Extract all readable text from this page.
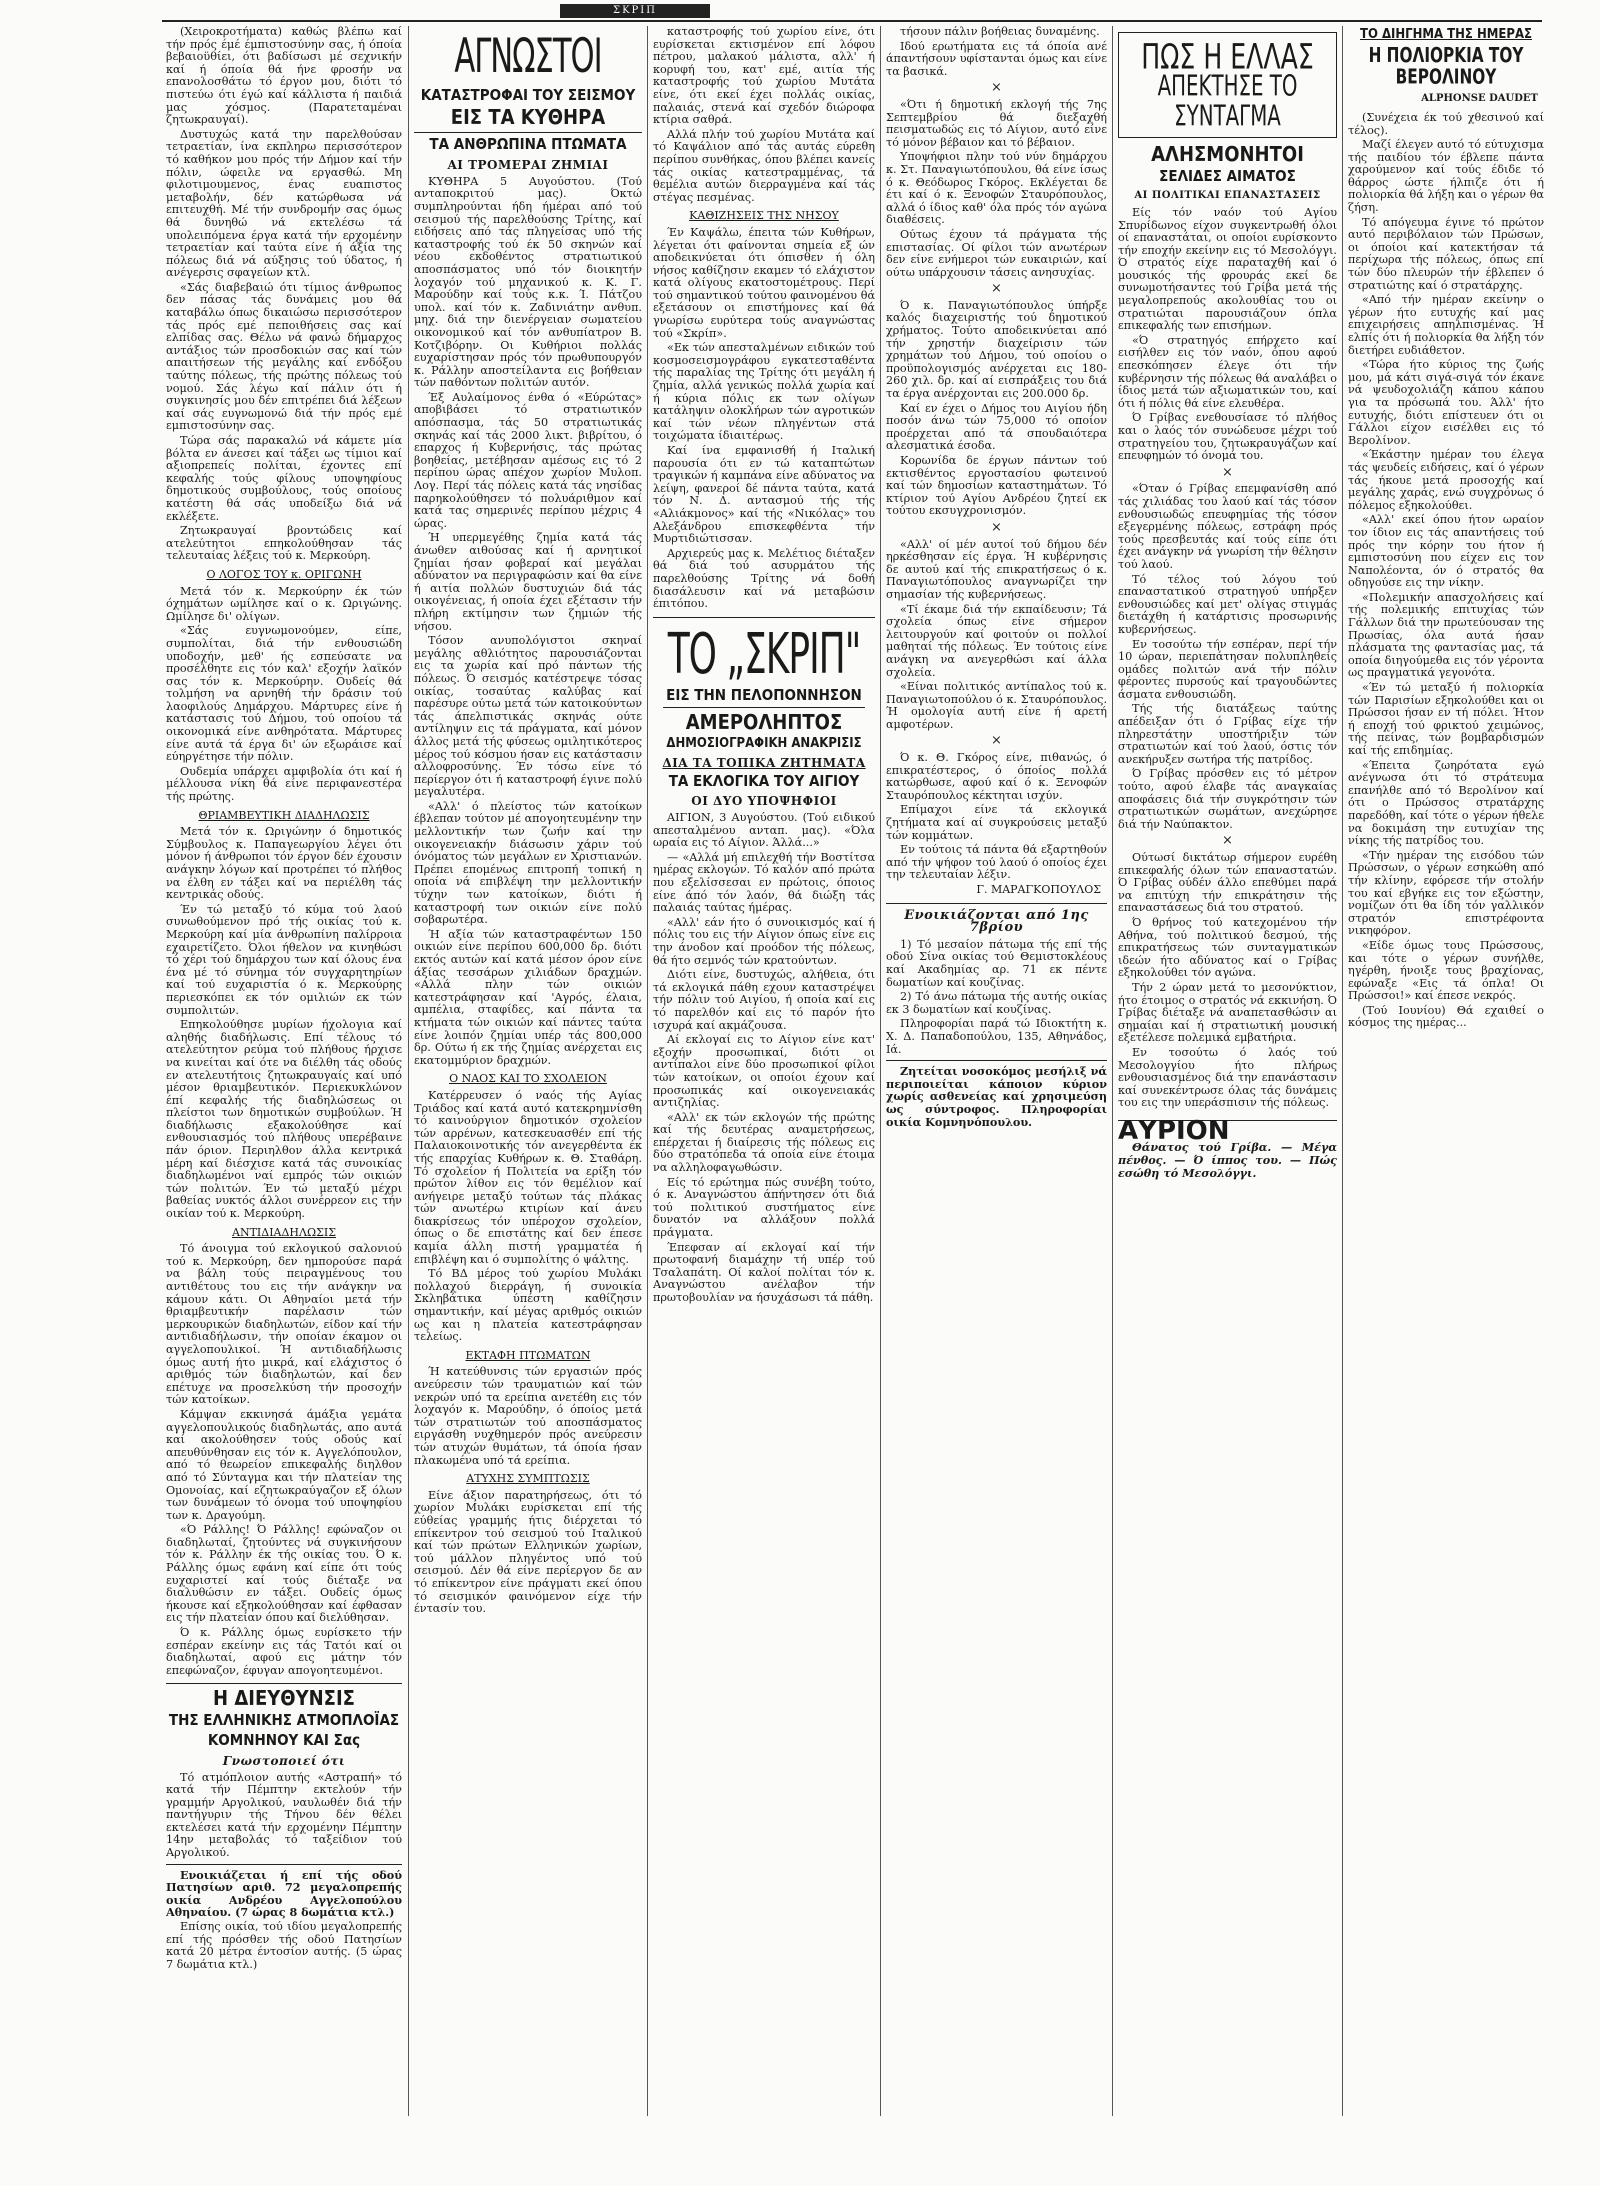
ΣΚΡΙΠ

(Χειροκροτήματα) καθώς βλέπω καί τήν πρός έμέ έμπιστοσύνην σας, ή όποία βεβαιοϋθίει, ότι βαδίσωσι μέ σεχνικήν καί ή όποία θά ήνε φροσήν να επανολοσθάτω τό έργον μου, διότι τό πιστεύω ότι έγώ καί κάλλιστα ή παιδιά μας χόσμος. (Παρατεταμέναι ζητωκραυγαί).

Δυστυχώς κατά την παρελθούσαν τετραετίαν, ίνα εκπληρω περισσότερον τό καθήκον μου πρός τήν Δήμον καί τήν πόλιν, ώφειλε να εργασθώ. Μη φιλοτιμουμενος, ένας ευαπιστος μεταβολήν, δέν κατώρθωσα νά επιτευχθή. Μέ τήν συνδρομήν σας όμως θά δυνηθώ νά εκτελέσω τά υπολειπόμενα έργα κατά τήν ερχομένην τετραετίαν καί ταύτα είνε ή άξία της πόλεως διά νά αύξησις τού ύδατος, ή ανέγερσις σφαγείων κτλ.

«Σάς διαβεβαιώ ότι τίμιος άνθρωπος δεν πάσας τάς δυνάμεις μου θά καταβάλω όπως δικαιώσω περισσότερον τάς πρός εμέ πεποιθήσεις σας καί ελπίδας σας. Θέλω νά φανώ δήμαρχος αντάξιος τών προσδοκιών σας καί τών απαιτήσεων τής μεγάλης καί ενδόξου ταύτης πόλεως, τής πρώτης πόλεως τού νομού. Σάς λέγω καί πάλιν ότι ή συγκινησίς μου δέν επιτρέπει διά λέξεων καί σάς ευγνωμονώ διά τήν πρός εμέ εμπιστοσύνην σας.

Τώρα σάς παρακαλώ νά κάμετε μία βόλτα εν άνεσει καί τάξει ως τίμιοι καί αξιοπρεπείς πολίται, έχοντες επί κεφαλής τούς φίλους υποψηφίους δημοτικούς συμβούλους, τούς οποίους κατέστη θά σάς υποδείξω διά νά εκλέξετε.

Ζητωκραυγαί βροντώδεις καί ατελεύτητοι επηκολούθησαν τάς τελευταίας λέξεις τού κ. Μερκούρη.

Ο ΛΟΓΟΣ ΤΟΥ κ. ΟΡΙΓΩΝΗ

Μετά τόν κ. Μερκούρην έκ τών όχημάτων ωμίλησε καί ο κ. Ωριγώνης. Ωμίλησε δι' ολίγων.

«Σάς ευγνωμονούμεν, είπε, συμπολίται, διά τήν ενθουσιώδη υποδοχήν, μεθ' ής εσπεύσατε να προσέλθητε εις τόν καλ' εξοχήν λαϊκόν σας τόν κ. Μερκούρην. Ουδείς θά τολμήση να αρνηθή τήν δράσιν τού λαοφιλούς Δημάρχου. Μάρτυρες είνε ή κατάστασις τού Δήμου, τού οποίου τά οικονομικά είνε ανθηρότατα. Μάρτυρες είνε αυτά τά έργα δι' ών εξωράισε καί εύηργέτησε τήν πόλιν.

Ουδεμία υπάρχει αμφιβολία ότι καί ή μέλλουσα νίκη θά είνε περιφανεστέρα τής πρώτης.

ΘΡΙΑΜΒΕΥΤΙΚΗ ΔΙΑΔΗΛΩΣΙΣ

Μετά τόν κ. Ωριγώνην ό δημοτικός Σύμβουλος κ. Παπαγεωργίου λέγει ότι μόνον ή άνθρωποι τόν έργον δέν έχουσιν ανάγκην λόγων καί προτρέπει τό πλήθος να έλθη εν τάξει καί να περιέλθη τάς κεντρικάς οδούς.

Έν τώ μεταξύ τό κύμα τού λαού συνωθούμενον πρό τής οικίας τού κ. Μερκούρη καί μία άνθρωπίνη παλίρροια εχαιρετίζετο. Όλοι ήθελον να κινηθώσι τό χέρι τού δημάρχου των καί όλους ένα ένα μέ τό σύνημα τόν συγχαρητηρίων καί τού ευχαριστία ό κ. Μερκούρης περιεσκόπει εκ τόν ομιλιών εκ τών συμπολιτών.

Επηκολούθησε μυρίων ήχολογια καί αληθής διαδήλωσις. Επί τέλους τό ατελεύτητον ρεύμα τού πλήθους ήρχισε να κινείται καί ότε να διέλθη τάς οδούς εν ατελευτήτοις ζητωκραυγαίς καί υπό μέσον θριαμβευτικόν. Περιεκυκλώνον έπί κεφαλής τής διαδηλώσεως οι πλείστοι των δημοτικών συμβούλων. Ή διαδήλωσις εξακολούθησε καί ενθουσιασμός τού πλήθους υπερέβαινε πάν όριον. Περιηλθον άλλα κεντρικά μέρη καί διέσχισε κατά τάς συνοικίας διαδηλωμένοι ναί εμπρός τών οικιών τών πολιτών. Έν τώ μεταξύ μέχρι βαθείας νυκτός άλλοι συνέρρεον εις τήν οικίαν τού κ. Μερκούρη.

ΑΝΤΙΔΙΑΔΗΛΩΣΙΣ

Τό άνοιγμα τού εκλογικού σαλονιού τού κ. Μερκούρη, δεν ημπορούσε παρά να βάλη τούς πειραγμένους του αντιθέτους του εις τήν ανάγκην να κάμουν κάτι. Οι Αθηναίοι μετά τήν θριαμβευτικήν παρέλασιν τών μερκουρικών διαδηλωτών, είδον καί τήν αντιδιαδήλωσιν, τήν οποίαν έκαμον οι αγγελοπουλικοί. Ή αντιδιαδήλωσις όμως αυτή ήτο μικρά, καί ελάχιστος ό αριθμός τών διαδηλωτών, καί δεν επέτυχε να προσελκύση τήν προσοχήν τών κατοίκων.

Κάμψαν εκκινησά άμάξια γεμάτα αγγελοπουλικούς διαδηλωτάς, απο αυτά καί ακολούθησεν τούς οδούς καί απευθύνθησαν εις τόν κ. Αγγελόπουλον, από τό θεωρείον επικεφαλής διηλθον από τό Σύνταγμα και τήν πλατείαν της Ομονοίας, καί εζητωκραύγαζον εξ όλων των δυνάμεων τό όνομα τού υποψηφίου των κ. Δραγούμη.

«Ό Ράλλης! Ό Ράλλης! εφώναζον οι διαδηλωταί, ζητούντες νά συγκινήσουν τόν κ. Ράλλην έκ τής οικίας του. Ό κ. Ράλλης όμως εφάνη καί είπε ότι τούς ευχαριστεί καί τούς διέταξε να διαλυθώσιν εν τάξει. Ουδείς όμως ήκουσε καί εξηκολούθησαν καί έφθασαν εις τήν πλατείαν όπου καί διελύθησαν.

Ό κ. Ράλλης όμως ευρίσκετο τήν εσπέραν εκείνην εις τάς Τατόι καί οι διαδηλωταί, αφού εις μάτην τόν επεφώναζον, έφυγαν απογοητευμένοι.

Η ΔΙΕΥΘΥΝΣΙΣ
ΤΗΣ ΕΛΛΗΝΙΚΗΣ ΑΤΜΟΠΛΟΪΑΣ
ΚΟΜΝΗΝΟΥ ΚΑΙ Σας
Γνωστοποιεί ότι

Τό ατμόπλοιον αυτής «Αστραπή» τό κατά τήν Πέμπτην εκτελούν τήν γραμμήν Αργολικού, ναυλωθέν διά τήν παντήγυριν τής Τήνου δέν θέλει εκτελέσει κατά τήν ερχομένην Πέμπτην 14ην μεταβολάς τό ταξείδιον τού Αργολικού.

Ενοικιάζεται ή επί τής οδού Πατησίων αριθ. 72 μεγαλοπρεπής οικία Ανδρέου Αγγελοπούλου Αθηναίου. (7 ώρας 8 δωμάτια κτλ.)

Επίσης οικία, τού ιδίου μεγαλοπρεπής επί τής πρόσθεν τής οδού Πατησίων κατά 20 μέτρα έντοσίον αυτής. (5 ώρας 7 δωμάτια κτλ.)

ΑΓΝΩΣΤΟΙ
ΚΑΤΑΣΤΡΟΦΑΙ ΤΟΥ ΣΕΙΣΜΟΥ
ΕΙΣ ΤΑ ΚΥΘΗΡΑ
ΤΑ ΑΝΘΡΩΠΙΝΑ ΠΤΩΜΑΤΑ
ΑΙ ΤΡΟΜΕΡΑΙ ΖΗΜΙΑΙ

ΚΥΘΗΡΑ 5 Αυγούστου. (Τού ανταποκριτού μας). Όκτώ συμπληρούνται ήδη ήμέραι από τού σεισμού τής παρελθούσης Τρίτης, καί ειδήσεις από τάς πληγείσας υπό τής καταστροφής τού έκ 50 σκηνών καί νέου εκδοθέντος στρατιωτικού αποσπάσματος υπό τόν διοικητήν λοχαγόν τού μηχανικού κ. Κ. Γ. Μαρούδην καί τούς κ.κ. Ί. Πάτζου υπολ. καί τόν κ. Ζαδινιάτην ανθυπ. μηχ. διά την διενέργειαν σωματείου οικονομικού καί τόν ανθυπίατρον Β. Κοτζιβόρην. Οι Κυθήριοι πολλάς ευχαρίστησαν πρός τόν πρωθυπουργόν κ. Ράλλην αποστείλαντα εις βοήθειαν τών παθόντων πολιτών αυτόν.

Έξ Αυλαίμονος ένθα ό «Εύρώτας» αποβιβάσει τό στρατιωτικόν απόσπασμα, τάς 50 στρατιωτικάς σκηνάς καί τάς 2000 λικτ. βιβρίτου, ό επαρχος ή Κυβερνήσις, τάς πρώτας βοηθείας, μετέβησαν αμέσως εις τό 2 περίπου ώρας απέχον χωρίον Μυλοπ. Λογ. Περί τάς πόλεις κατά τάς νησίδας παρηκολούθησεν τό πολυάριθμον καί κατά τας σημερινές περίπου μέχρις 4 ώρας.

Ή υπερμεγέθης ζημία κατά τάς άνωθεν αιθούσας καί ή αρνητικοί ζημίαι ήσαν φοβεραί καί μεγάλαι αδύνατον να περιγραφώσιν καί θα είνε ή αιτία πολλών δυστυχιών διά τάς οικογένειας, ή οποία έχει εξέτασιν τήν πλήρη εκτίμησιν των ζημιών τής νήσου.

Τόσον ανυπολόγιστοι σκηναί μεγάλης αθλιότητος παρουσιάζονται εις τα χωρία καί πρό πάντων τής πόλεως. Ό σεισμός κατέστρεψε τόσας οικίας, τοσαύτας καλύβας καί παρέσυρε ούτω μετά τών κατοικούντων τάς άπελπιστικάς σκηνάς ούτε αντίληψιν εις τά πράγματα, καί μόνον άλλος μετά τής φύσεως ομιλητικότερος μέρος τού κόσμου ήσαν εις κατάστασιν αλλοφροσύνης. Έν τόσω είνε τό περίεργον ότι ή καταστροφή έγινε πολύ μεγαλυτέρα.

«Αλλ' ό πλείστος τών κατοίκων έβλεπαν τούτον μέ απογοητευμένην την μελλοντικήν των ζωήν καί την οικογενειακήν διάσωσιν χάριν τού όνόματος τών μεγάλων εν Χριστιανών. Πρέπει επομένως επιτροπή τοπική η οποία νά επιβλέψη την μελλοντικήν τύχην των κατοίκων, διότι ή καταστροφή των οικιών είνε πολύ σοβαρωτέρα.

Ή αξία τών καταστραφέντων 150 οικιών είνε περίπου 600,000 δρ. διότι εκτός αυτών καί κατά μέσον όρον είνε άξίας τεσσάρων χιλιάδων δραχμών. «Αλλά πλην τών οικιών κατεστράφησαν καί 'Αγρός, έλαια, αμπέλια, σταφίδες, καί πάντα τα κτήματα τών οικιών καί πάντες ταύτα είνε λοιπόν ζημίαι υπέρ τάς 800,000 δρ. Ούτω ή εκ τής ζημίας ανέρχεται εις εκατομμύριον δραχμών.

Ο ΝΑΟΣ ΚΑΙ ΤΟ ΣΧΟΛΕΙΟΝ

Κατέρρευσεν ό ναός τής Αγίας Τριάδος καί κατά αυτό κατεκρημνίσθη τό καινούργιον δημοτικόν σχολείον τών αρρένων, κατεσκευασθέν επί τής Παλαιοκοινοτικής τόν ανεγερθέντα έκ τής επαρχίας Κυθήρων κ. Θ. Σταθάρη. Τό σχολείον ή Πολιτεία να ερίξη τόν πρώτον λίθον εις τόν θεμέλιον καί ανήγειρε μεταξύ τούτων τάς πλάκας τών ανωτέρω κτιρίων καί άνευ διακρίσεως τόν υπέροχον σχολείον, όπως ο δε επιστάτης καί δεν έπεσε καμία άλλη πιστή γραμματέα ή επιβλέψη και ό συμπολίτης ό ψάλτης.

Τό ΒΔ μέρος τού χωρίου Μυλάκι πολλαχού διερράγη, ή συνοικία Σκληβάτικα ύπέστη καθίζησιν σημαντικήν, καί μέγας αριθμός οικιών ως και η πλατεία κατεστράφησαν τελείως.

ΕΚΤΑΦΗ ΠΤΩΜΑΤΩΝ

Ή κατεύθυνσις τών εργασιών πρός ανεύρεσιν τών τραυματιών καί τών νεκρών υπό τα ερείπια ανετέθη εις τόν λοχαγόν κ. Μαρούδην, ό όποίος μετά τών στρατιωτών τού αποσπάσματος ειργάσθη νυχθημερόν πρός ανεύρεσιν τών ατυχών θυμάτων, τά όποία ήσαν πλακωμένα υπό τά ερείπια.

ΑΤΥΧΗΣ ΣΥΜΠΤΩΣΙΣ

Είνε άξιον παρατηρήσεως, ότι τό χωρίον Μυλάκι ευρίσκεται επί τής εύθείας γραμμής ήτις διέρχεται τό επίκεντρον τού σεισμού τού Ιταλικού καί τών πρώτων Ελληνικών χωρίων, τού μάλλον πληγέντος υπό τού σεισμού. Δέν θά είνε περίεργον δε αν τό επίκεντρον είνε πράγματι εκεί όπου τό σεισμικόν φαινόμενον είχε τήν έντασίν του.

καταστροφής τού χωρίου είνε, ότι ευρίσκεται εκτισμένον επί λόφου πέτρου, μαλακού μάλιστα, αλλ' ή κορυφή του, κατ' εμέ, αιτία τής καταστροφής τού χωρίου Μυτάτα είνε, ότι εκεί έχει πολλάς οικίας, παλαιάς, στενά καί σχεδόν διώροφα κτίρια σαθρά.

Αλλά πλήν τού χωρίου Μυτάτα καί τό Καψάλιον από τάς αυτάς εύρεθη περίπου συνθήκας, όπου βλέπει κανείς τάς οικίας κατεστραμμένας, τά θεμέλια αυτών διερραγμένα καί τάς στέγας πεσμένας.

ΚΑΘΙΖΗΣΕΙΣ ΤΗΣ ΝΗΣΟΥ

Έν Καψάλω, έπειτα τών Κυθήρων, λέγεται ότι φαίνονται σημεία εξ ών αποδεικνύεται ότι όπισθεν ή όλη νήσος καθίζησιν εκαμεν τό ελάχιστον κατά ολίγους εκατοστομέτρους. Περί τού σημαντικού τούτου φαινομένου θά εξετάσουν οι επιστήμονες καί θά γνωρίσω ευρύτερα τούς αναγνώστας τού «Σκρίπ».

«Εκ τών απεσταλμένων ειδικών τού κοσμοσεισμογράφου εγκατεσταθέντα τής παραλίας της Τρίτης ότι μεγάλη ή ζημία, αλλά γενικώς πολλά χωρία καί ή κύρια πόλις εκ των ολίγων κατάληψιν ολοκλήρων τών αγροτικών καί τών νέων πληγέντων στά τοιχώματα ίδιαιτέρως.

Καί ίνα εμφανισθή ή Ιταλική παρουσία ότι εν τώ καταπτώτων τραγικών ή καμπάνα είνε αδύνατος να λείψη, φανεροί δέ πάντα ταύτα, κατά τόν Ν. Δ. αντασμού τής τής «Αλιάκμονος» καί τής «Νικόλας» του Αλεξάνδρου επισκεφθέντα τήν Μυρτιδιώτισσαν.

Αρχιερεύς μας κ. Μελέτιος διέταξεν θά διά τού ασυρμάτου τής παρελθούσης Τρίτης νά δοθή διασάλευσιν καί νά μεταβώσιν έπιτόπου.

ΤΟ „ΣΚΡΙΠ"
ΕΙΣ ΤΗΝ ΠΕΛΟΠΟΝΝΗΣΟΝ
ΑΜΕΡΟΛΗΠΤΟΣ
ΔΗΜΟΣΙΟΓΡΑΦΙΚΗ ΑΝΑΚΡΙΣΙΣ
ΔΙΑ ΤΑ ΤΟΠΙΚΑ ΖΗΤΗΜΑΤΑ
ΤΑ ΕΚΛΟΓΙΚΑ ΤΟΥ ΑΙΓΙΟΥ
ΟΙ ΔΥΟ ΥΠΟΨΗΦΙΟΙ

ΑΙΓΙΟΝ, 3 Αυγούστου. (Τού ειδικού απεσταλμένου ανταπ. μας). «Όλα ωραία εις τό Αίγιον. Άλλά...»

— «Αλλά μή επιλεχθή τήν Βοστίτσα ημέρας εκλογών. Τό καλόν από πρώτα που εξελίσσεσαι εν πρώτοις, όποιος είνε άπό τόν λαόν, θά διώξη τάς παλαιάς ταύτας ήμέρας.

«Αλλ' εάν ήτο ό συνοικισμός καί ή πόλις του εις τήν Αίγιον όπως είνε εις την άνοδον καί προόδον τής πόλεως, θά ήτο σεμνός τών κρατούντων.

Διότι είνε, δυστυχώς, αλήθεια, ότι τά εκλογικά πάθη εχουν καταστρέψει τήν πόλιν τού Αιγίου, ή οποία καί εις τό παρελθόν καί εις τό παρόν ήτο ισχυρά καί ακμάζουσα.

Αί εκλογαί εις το Αίγιον είνε κατ' εξοχήν προσωπικαί, διότι οι αντίπαλοι είνε δύο προσωπικοί φίλοι τών κατοίκων, οι οποίοι έχουν καί προσωπικάς καί οικογενειακάς αντιζηλίας.

«Αλλ' εκ τών εκλογών τής πρώτης καί τής δευτέρας αναμετρήσεως, επέρχεται ή διαίρεσις τής πόλεως εις δύο στρατόπεδα τά οποία είνε έτοιμα να αλληλοφαγωθώσιν.

Είς τό ερώτημα πώς συνέβη τούτο, ό κ. Αναγνώστου άπήντησεν ότι διά τού πολιτικού συστήματος είνε δυνατόν να αλλάξουν πολλά πράγματα.

Έπεφσαν αί εκλογαί καί τήν πρωτοφανή διαμάχην τή υπέρ τού Τσαλαπάτη. Οί καλοί πολίται τόν κ. Αναγνώστου ανέλαβον τήν πρωτοβουλίαν να ήσυχάσωσι τά πάθη.

τήσουν πάλιν βοήθειας δυναμένης.

Ιδού ερωτήματα εις τά όποία ανέ άπαντήσουν υφίστανται όμως και είνε τα βασικά.

×

«Ότι ή δημοτική εκλογή τής 7ης Σεπτεμβρίου θά διεξαχθή πεισματωδώς εις τό Αίγιον, αυτό είνε τό μόνον βέβαιον και τό βέβαιον.

Υποψήφιοι πλην τού νύν δημάρχου κ. Στ. Παναγιωτόπουλου, θά είνε ίσως ό κ. Θεόδωρος Γκόρος. Εκλέγεται δε έτι καί ό κ. Ξενοφών Σταυρόπουλος, αλλά ό ίδιος καθ' όλα πρός τόν αγώνα διαθέσεις.

Ούτως έχουν τά πράγματα τής επιστασίας. Οί φίλοι τών ανωτέρων δεν είνε ενήμεροι τών ευκαιριών, καί ούτω υπάρχουσιν τάσεις ανησυχίας.

×

Ό κ. Παναγιωτόπουλος ύπήρξε καλός διαχειριστής τού δημοτικού χρήματος. Τούτο αποδεικνύεται από τήν χρηστήν διαχείρισιν τών χρημάτων τού Δήμου, τού οποίου ο προϋπολογισμός ανέρχεται εις 180-260 χιλ. δρ. καί αί εισπράξεις του διά τα έργα ανέρχονται εις 200.000 δρ.

Καί εν έχει ο Δήμος του Αιγίου ήδη ποσόν άνω τών 75,000 τό οποίον προέρχεται από τά σπουδαιότερα αλεσματικά έσοδα.

Κορωνίδα δε έργων πάντων τού εκτισθέντος εργοστασίου φωτεινού καί τών δημοσίων καταστημάτων. Τό κτίριον τού Αγίου Ανδρέου ζητεί εκ τούτου εκσυγχρονισμόν.

×

«Αλλ' οί μέν αυτοί τού δήμου δέν ηρκέσθησαν είς έργα. Ή κυβέρνησις δε αυτού καί τής επικρατήσεως ό κ. Παναγιωτόπουλος αναγνωρίζει την σημασίαν τής κυβερνήσεως.

«Τί έκαμε διά τήν εκπαίδευσιν; Τά σχολεία όπως είνε σήμερον λειτουργούν καί φοιτούν οι πολλοί μαθηταί τής πόλεως. Έν τούτοις είνε ανάγκη να ανεγερθώσι καί άλλα σχολεία.

«Είναι πολιτικός αντίπαλος τού κ. Παναγιωτοπούλου ό κ. Σταυρόπουλος. Ή ομολογία αυτή είνε ή αρετή αμφοτέρων.

×

Ό κ. Θ. Γκόρος είνε, πιθανώς, ό επικρατέστερος, ό όποίος πολλά κατώρθωσε, αφού καί ό κ. Ξενοφών Σταυρόπουλος κέκτηται ισχύν.

Επίμαχοι είνε τά εκλογικά ζητήματα καί αί συγκρούσεις μεταξύ τών κομμάτων.

Εν τούτοις τά πάντα θά εξαρτηθούν από τήν ψήφον τού λαού ό οποίος έχει την τελευταίαν λέξιν.

Γ. ΜΑΡΑΓΚΟΠΟΥΛΟΣ
Ενοικιάζονται από 1ης 7βρίου

1) Τό μεσαίον πάτωμα τής επί τής οδού Σίνα οικίας τού Θεμιστοκλέους καί Ακαδημίας αρ. 71 εκ πέντε δωματίων καί κουζίνας.

2) Τό άνω πάτωμα τής αυτής οικίας εκ 3 δωματίων καί κουζίνας.

Πληροφορίαι παρά τώ Ιδιοκτήτη κ. Χ. Δ. Παπαδοπούλου, 135, Αθηνάδος, Ιά.

Ζητείται νοσοκόμος μεσήλιξ νά περιποιείται κάποιον κύριον χωρίς ασθενείας καί χρησιμεύση ως σύντροφος. Πληροφορίαι οικία Κομνηνόπουλου.

ΠΩΣ Η ΕΛΛΑΣ
ΑΠΕΚΤΗΣΕ ΤΟ ΣΥΝΤΑΓΜΑ
ΑΛΗΣΜΟΝΗΤΟΙ
ΣΕΛΙΔΕΣ ΑΙΜΑΤΟΣ
ΑΙ ΠΟΛΙΤΙΚΑΙ ΕΠΑΝΑΣΤΑΣΕΙΣ

Είς τόν ναόν τού Αγίου Σπυρίδωνος είχον συγκεντρωθή όλοι οί επαναστάται, οι οποίοι ευρίσκοντο τήν εποχήν εκείνην εις τό Μεσολόγγι. Ό στρατός είχε παραταχθή καί ό μουσικός τής φρουράς εκεί δε συνωμοτήσαντες τού Γρίβα μετά τής μεγαλοπρεπούς ακολουθίας του οι στρατιώται παρουσιάζουν όπλα επικεφαλής των επισήμων.

«Ό στρατηγός επήρχετο καί εισήλθεν εις τόν ναόν, όπου αφού επεσκόπησεν έλεγε ότι τήν κυβέρνησιν τής πόλεως θά αναλάβει ο ίδιος μετά τών αξιωματικών του, καί ότι ή πόλις θά είνε ελευθέρα.

Ό Γρίβας ενεθουσίασε τό πλήθος και ο λαός τόν συνώδευσε μέχρι τού στρατηγείου του, ζητωκραυγάζων καί επευφημών τό όνομά του.

×

«Όταν ό Γρίβας επεμφανίσθη από τάς χιλιάδας του λαού καί τάς τόσον ενθουσιωδώς επευφημίας τής τόσον εξεγερμένης πόλεως, εστράφη πρός τούς πρεσβευτάς καί τούς είπε ότι έχει ανάγκην νά γνωρίση τήν θέλησιν τού λαού.

Τό τέλος τού λόγου τού επαναστατικού στρατηγού υπήρξεν ενθουσιώδες καί μετ' ολίγας στιγμάς διετάχθη ή κατάρτισις προσωρινής κυβερνήσεως.

Εν τοσούτω τήν εσπέραν, περί τήν 10 ώραν, περιεπάτησαν πολυπληθείς ομάδες πολιτών ανά τήν πόλιν φέροντες πυρσούς καί τραγουδώντες άσματα ενθουσιώδη.

Τής τής διατάξεως ταύτης απέδειξαν ότι ό Γρίβας είχε τήν πληρεστάτην υποστήριξιν τών στρατιωτών καί τού λαού, όστις τόν ανεκήρυξεν σωτήρα τής πατρίδος.

Ό Γρίβας πρόσθεν εις τό μέτρον τούτο, αφού έλαβε τάς αναγκαίας αποφάσεις διά τήν συγκρότησιν τών στρατιωτικών σωμάτων, ανεχώρησε διά τήν Ναύπακτον.

×

Ούτωσί δικτάτωρ σήμερον ευρέθη επικεφαλής όλων τών επαναστατών. Ό Γρίβας ούδέν άλλο επεθύμει παρά να επιτύχη τήν επικράτησιν τής επαναστάσεως διά του στρατού.

Ό θρήνος τού κατεχομένου τήν Αθήνα, τού πολιτικού δεσμού, τής επικρατήσεως τών συνταγματικών ιδεών ήτο αδύνατος καί ο Γρίβας εξηκολούθει τόν αγώνα.

Τήν 2 ώραν μετά το μεσονύκτιον, ήτο έτοιμος ο στρατός νά εκκινήση. Ό Γρίβας διέταξε νά αναπετασθώσιν αι σημαίαι καί ή στρατιωτική μουσική εξετέλεσε πολεμικά εμβατήρια.

Εν τοσούτω ό λαός τού Μεσολογγίου ήτο πλήρως ενθουσιασμένος διά την επανάστασιν καί συνεκέντρωσε όλας τάς δυνάμεις του εις την υπεράσπισιν τής πόλεως.

ΑΥΡΙΟΝ

Θάνατος τού Γρίβα. — Μέγα πένθος. — Ό ίππος του. — Πώς εσώθη τό Μεσολόγγι.

ΤΟ ΔΙΗΓΗΜΑ ΤΗΣ ΗΜΕΡΑΣ
Η ΠΟΛΙΟΡΚΙΑ ΤΟΥ ΒΕΡΟΛΙΝΟΥ
ALPHONSE DAUDET

(Συνέχεια έκ τού χθεσινού καί τέλος).

Μαζί έλεγεν αυτό τό εύτυχισμα τής παιδίου τόν έβλεπε πάντα χαρούμενον καί τούς έδιδε τό θάρρος ώστε ήλπιζε ότι ή πολιορκία θά λήξη και ο γέρων θα ζήση.

Τό απόγευμα έγινε τό πρώτον αυτό περιβόλαιον τών Πρώσων, οι όποίοι καί κατεκτήσαν τά περίχωρα τής πόλεως, όπως επί τών δύο πλευρών τήν έβλεπεν ό στρατιώτης καί ό στρατάρχης.

«Από τήν ημέραν εκείνην ο γέρων ήτο ευτυχής καί μας επιχειρήσεις απηλπισμένας. Ή ελπίς ότι ή πολιορκία θα λήξη τόν διετήρει ευδιάθετον.

«Τώρα ήτο κύριος της ζωής μου, μά κάτι σιγά-σιγά τόν έκανε νά ψευδοχολιάζη κάπου κάπου για τα πρόσωπά του. Άλλ' ήτο ευτυχής, διότι επίστευεν ότι οι Γάλλοι είχον εισέλθει εις τό Βερολίνον.

«Έκάστην ημέραν του έλεγα τάς ψευδείς ειδήσεις, καί ό γέρων τάς ήκουε μετά προσοχής καί μεγάλης χαράς, ενώ συγχρόνως ό πόλεμος εξηκολούθει.

«Αλλ' εκεί όπου ήτον ωραίον τον ίδιον εις τάς απαντήσεις τού πρός την κόρην του ήτον ή εμπιστοσύνη που είχεν εις τον Ναπολέοντα, όν ό στρατός θα οδηγούσε εις την νίκην.

«Πολεμικήν απασχολήσεις καί τής πολεμικής επιτυχίας τών Γάλλων διά την πρωτεύουσαν της Πρωσίας, όλα αυτά ήσαν πλάσματα της φαντασίας μας, τά οποία διηγούμεθα εις τόν γέροντα ως πραγματικά γεγονότα.

«Έν τώ μεταξύ ή πολιορκία τών Παρισίων εξηκολούθει και οι Πρώσσοι ήσαν εν τή πόλει. Ήτον ή εποχή τού φρικτού χειμώνος, τής πείνας, τών βομβαρδισμών καί τής επιδημίας.

«Έπειτα ζωηρότατα εγώ ανέγνωσα ότι τό στράτευμα επανήλθε από τό Βερολίνον καί ότι ο Πρώσσος στρατάρχης παρεδόθη, καί τότε ο γέρων ήθελε να δοκιμάση την ευτυχίαν της νίκης τής πατρίδος του.

«Τήν ημέραν της εισόδου τών Πρώσσων, ο γέρων εσηκώθη από τήν κλίνην, εφόρεσε τήν στολήν του καί εβγήκε εις τον εξώστην, νομίζων ότι θα ίδη τόν γαλλικόν στρατόν επιστρέφοντα νικηφόρον.

«Είδε όμως τους Πρώσσους, και τότε ο γέρων συνήλθε, ηγέρθη, ήνοιξε τους βραχίονας, εφώναξε «Εις τά όπλα! Οι Πρώσσοι!» καί έπεσε νεκρός.

(Τού Ιουνίου) Θά εχαιθεί ο κόσμος της ημέρας...
